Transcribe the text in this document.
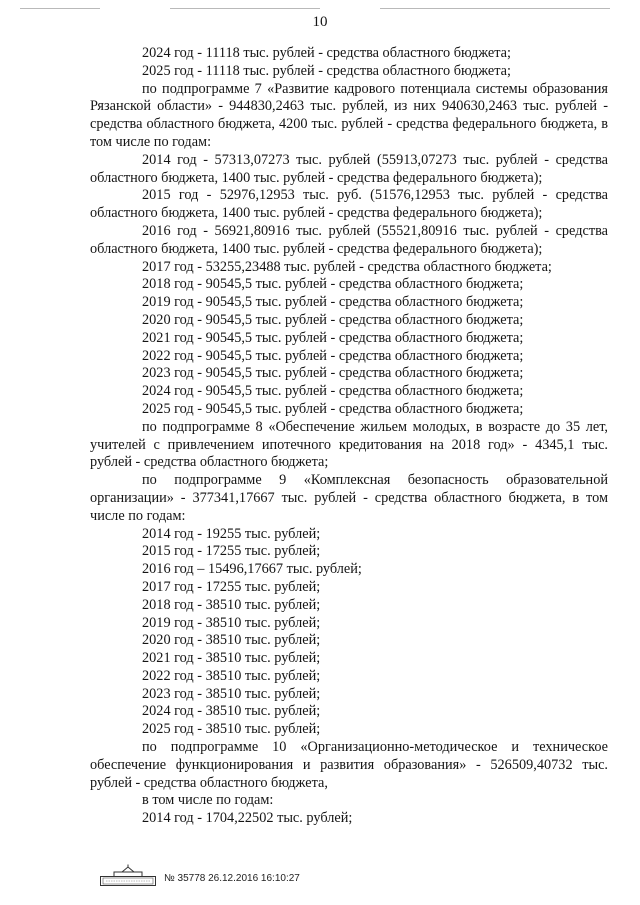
10

2024 год - 11118 тыс. рублей - средства областного бюджета;

2025 год - 11118 тыс. рублей - средства областного бюджета;

по подпрограмме 7 «Развитие кадрового потенциала системы образования Рязанской области» - 944830,2463 тыс. рублей, из них 940630,2463 тыс. рублей - средства областного бюджета, 4200 тыс. рублей - средства федерального бюджета, в том числе по годам:

2014 год - 57313,07273 тыс. рублей (55913,07273 тыс. рублей - средства областного бюджета, 1400 тыс. рублей - средства федерального бюджета);

2015 год - 52976,12953 тыс. руб. (51576,12953 тыс. рублей - средства областного бюджета, 1400 тыс. рублей - средства федерального бюджета);

2016 год - 56921,80916 тыс. рублей (55521,80916 тыс. рублей - средства областного бюджета, 1400 тыс. рублей - средства федерального бюджета);

2017 год - 53255,23488 тыс. рублей - средства областного бюджета;

2018 год - 90545,5 тыс. рублей - средства областного бюджета;

2019 год - 90545,5 тыс. рублей - средства областного бюджета;

2020 год - 90545,5 тыс. рублей - средства областного бюджета;

2021 год - 90545,5 тыс. рублей - средства областного бюджета;

2022 год - 90545,5 тыс. рублей - средства областного бюджета;

2023 год - 90545,5 тыс. рублей - средства областного бюджета;

2024 год - 90545,5 тыс. рублей - средства областного бюджета;

2025 год - 90545,5 тыс. рублей - средства областного бюджета;

по подпрограмме 8 «Обеспечение жильем молодых, в возрасте до 35 лет, учителей с привлечением ипотечного кредитования на 2018 год» - 4345,1 тыс. рублей - средства областного бюджета;

по подпрограмме 9 «Комплексная безопасность образовательной организации» - 377341,17667 тыс. рублей - средства областного бюджета, в том числе по годам:

2014 год - 19255 тыс. рублей;

2015 год - 17255 тыс. рублей;

2016 год – 15496,17667 тыс. рублей;

2017 год - 17255 тыс. рублей;

2018 год - 38510 тыс. рублей;

2019 год - 38510 тыс. рублей;

2020 год - 38510 тыс. рублей;

2021 год - 38510 тыс. рублей;

2022 год - 38510 тыс. рублей;

2023 год - 38510 тыс. рублей;

2024 год - 38510 тыс. рублей;

2025 год - 38510 тыс. рублей;

по подпрограмме 10 «Организационно-методическое и техническое обеспечение функционирования и развития образования» - 526509,40732 тыс. рублей - средства областного бюджета,

в том числе по годам:

2014 год - 1704,22502 тыс. рублей;

№ 35778 26.12.2016 16:10:27
